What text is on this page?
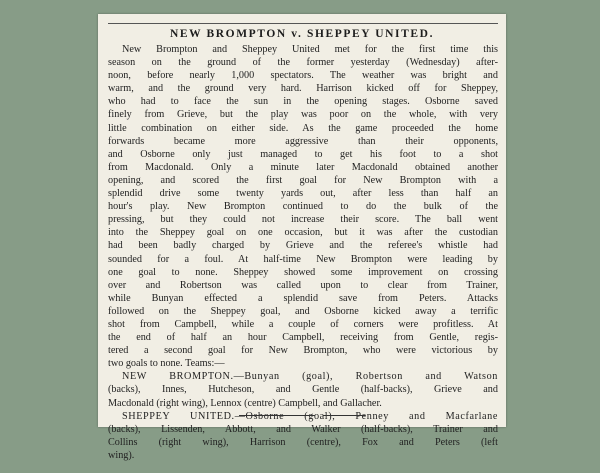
NEW BROMPTON v. SHEPPEY UNITED.
New Brompton and Sheppey United met for the first time this
season on the ground of the former yesterday (Wednesday) after-
noon, before nearly 1,000 spectators. The weather was bright and
warm, and the ground very hard. Harrison kicked off for Sheppey,
who had to face the sun in the opening stages. Osborne saved
finely from Grieve, but the play was poor on the whole, with very
little combination on either side. As the game proceeded the home
forwards became more aggressive than their opponents,
and Osborne only just managed to get his foot to a shot
from Macdonald. Only a minute later Macdonald obtained another
opening, and scored the first goal for New Brompton with a
splendid drive some twenty yards out, after less than half an
hour's play. New Brompton continued to do the bulk of the
pressing, but they could not increase their score. The ball went
into the Sheppey goal on one occasion, but it was after the custodian
had been badly charged by Grieve and the referee's whistle had
sounded for a foul. At half-time New Brompton were leading by
one goal to none. Sheppey showed some improvement on crossing
over and Robertson was called upon to clear from Trainer,
while Bunyan effected a splendid save from Peters. Attacks
followed on the Sheppey goal, and Osborne kicked away a terrific
shot from Campbell, while a couple of corners were profitless. At
the end of half an hour Campbell, receiving from Gentle, regis-
tered a second goal for New Brompton, who were victorious by
two goals to none. Teams:—
NEW BROMPTON.—Bunyan (goal), Robertson and Watson
(backs), Innes, Hutcheson, and Gentle (half-backs), Grieve and
Macdonald (right wing), Lennox (centre) Campbell, and Gallacher.
SHEPPEY UNITED.—Osborne (goal), Penney and Macfarlane
(backs), Lissenden, Abbott, and Walker (half-backs), Trainer and
Collins (right wing), Harrison (centre), Fox and Peters (left
wing).
